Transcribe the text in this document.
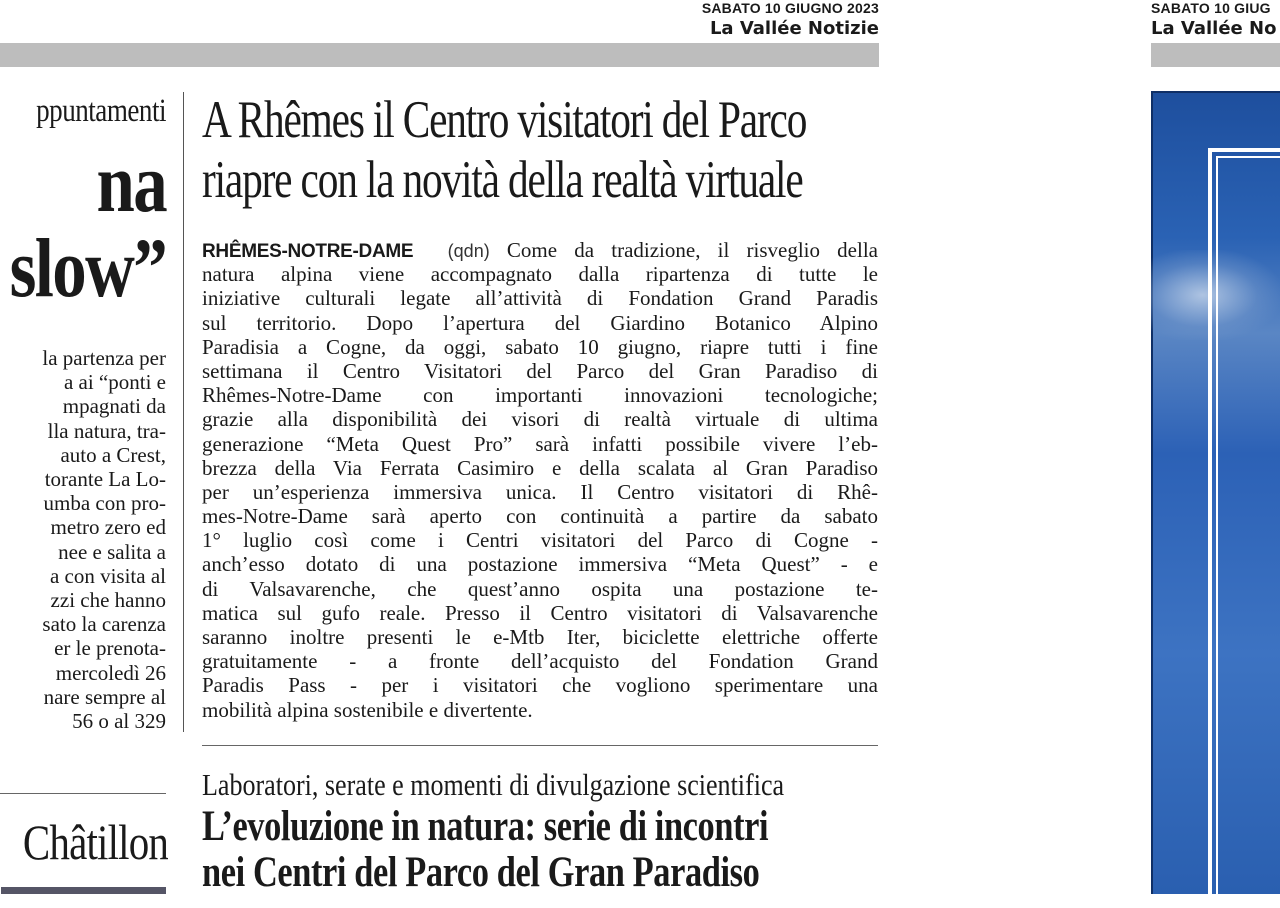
SABATO 10 GIUGNO 2023
La Vallée Notizie
ppuntamenti
na
slow”
la partenza per
a ai “ponti e
mpagnati da
lla natura, tra-
auto a Crest,
torante La Lo-
umba con pro-
metro zero ed
nee e salita a
a con visita al
zzi che hanno
sato la carenza
er le prenota-
mercoledì 26
nare sempre al
56 o al 329
Châtillon
A Rhêmes il Centro visitatori del Parco
riapre con la novità della realtà virtuale
RHÊMES-NOTRE-DAME (qdn) Come da tradizione, il risveglio della
natura alpina viene accompagnato dalla ripartenza di tutte le
iniziative culturali legate all’attività di Fondation Grand Paradis
sul territorio. Dopo l’apertura del Giardino Botanico Alpino
Paradisia a Cogne, da oggi, sabato 10 giugno, riapre tutti i fine
settimana il Centro Visitatori del Parco del Gran Paradiso di
Rhêmes-Notre-Dame con importanti innovazioni tecnologiche;
grazie alla disponibilità dei visori di realtà virtuale di ultima
generazione “Meta Quest Pro” sarà infatti possibile vivere l’eb-
brezza della Via Ferrata Casimiro e della scalata al Gran Paradiso
per un’esperienza immersiva unica. Il Centro visitatori di Rhê-
mes-Notre-Dame sarà aperto con continuità a partire da sabato
1° luglio così come i Centri visitatori del Parco di Cogne -
anch’esso dotato di una postazione immersiva “Meta Quest” - e
di Valsavarenche, che quest’anno ospita una postazione te-
matica sul gufo reale. Presso il Centro visitatori di Valsavarenche
saranno inoltre presenti le e-Mtb Iter, biciclette elettriche offerte
gratuitamente - a fronte dell’acquisto del Fondation Grand
Paradis Pass - per i visitatori che vogliono sperimentare una
mobilità alpina sostenibile e divertente.
Laboratori, serate e momenti di divulgazione scientifica
L’evoluzione in natura: serie di incontri
nei Centri del Parco del Gran Paradiso
SABATO 10 GIUG
La Vallée No
